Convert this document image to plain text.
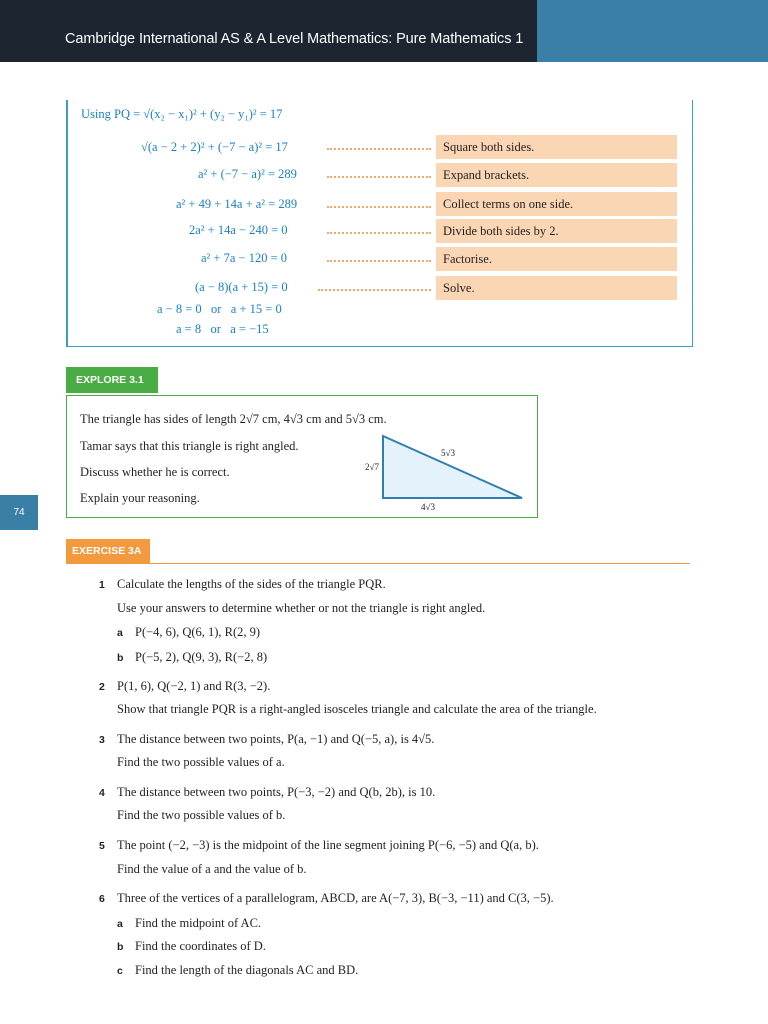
Cambridge International AS & A Level Mathematics: Pure Mathematics 1
74
Using PQ = √(x₂ − x₁)² + (y₂ − y₁)² = 17
√(a − 2 + 2)² + (−7 − a)² = 17	Square both sides.
a² + (−7 − a)² = 289	Expand brackets.
a² + 49 + 14a + a² = 289	Collect terms on one side.
2a² + 14a − 240 = 0	Divide both sides by 2.
a² + 7a − 120 = 0	Factorise.
(a − 8)(a + 15) = 0	Solve.
a − 8 = 0   or   a + 15 = 0
a = 8   or   a = −15
EXPLORE 3.1
The triangle has sides of length 2√7 cm, 4√3 cm and 5√3 cm.
Tamar says that this triangle is right angled.
Discuss whether he is correct.
Explain your reasoning.
2√7
5√3
4√3
EXERCISE 3A
1 Calculate the lengths of the sides of the triangle PQR.
Use your answers to determine whether or not the triangle is right angled.
a P(−4, 6), Q(6, 1), R(2, 9)
b P(−5, 2), Q(9, 3), R(−2, 8)
2 P(1, 6), Q(−2, 1) and R(3, −2).
Show that triangle PQR is a right-angled isosceles triangle and calculate the area of the triangle.
3 The distance between two points, P(a, −1) and Q(−5, a), is 4√5.
Find the two possible values of a.
4 The distance between two points, P(−3, −2) and Q(b, 2b), is 10.
Find the two possible values of b.
5 The point (−2, −3) is the midpoint of the line segment joining P(−6, −5) and Q(a, b).
Find the value of a and the value of b.
6 Three of the vertices of a parallelogram, ABCD, are A(−7, 3), B(−3, −11) and C(3, −5).
a Find the midpoint of AC.
b Find the coordinates of D.
c Find the length of the diagonals AC and BD.
